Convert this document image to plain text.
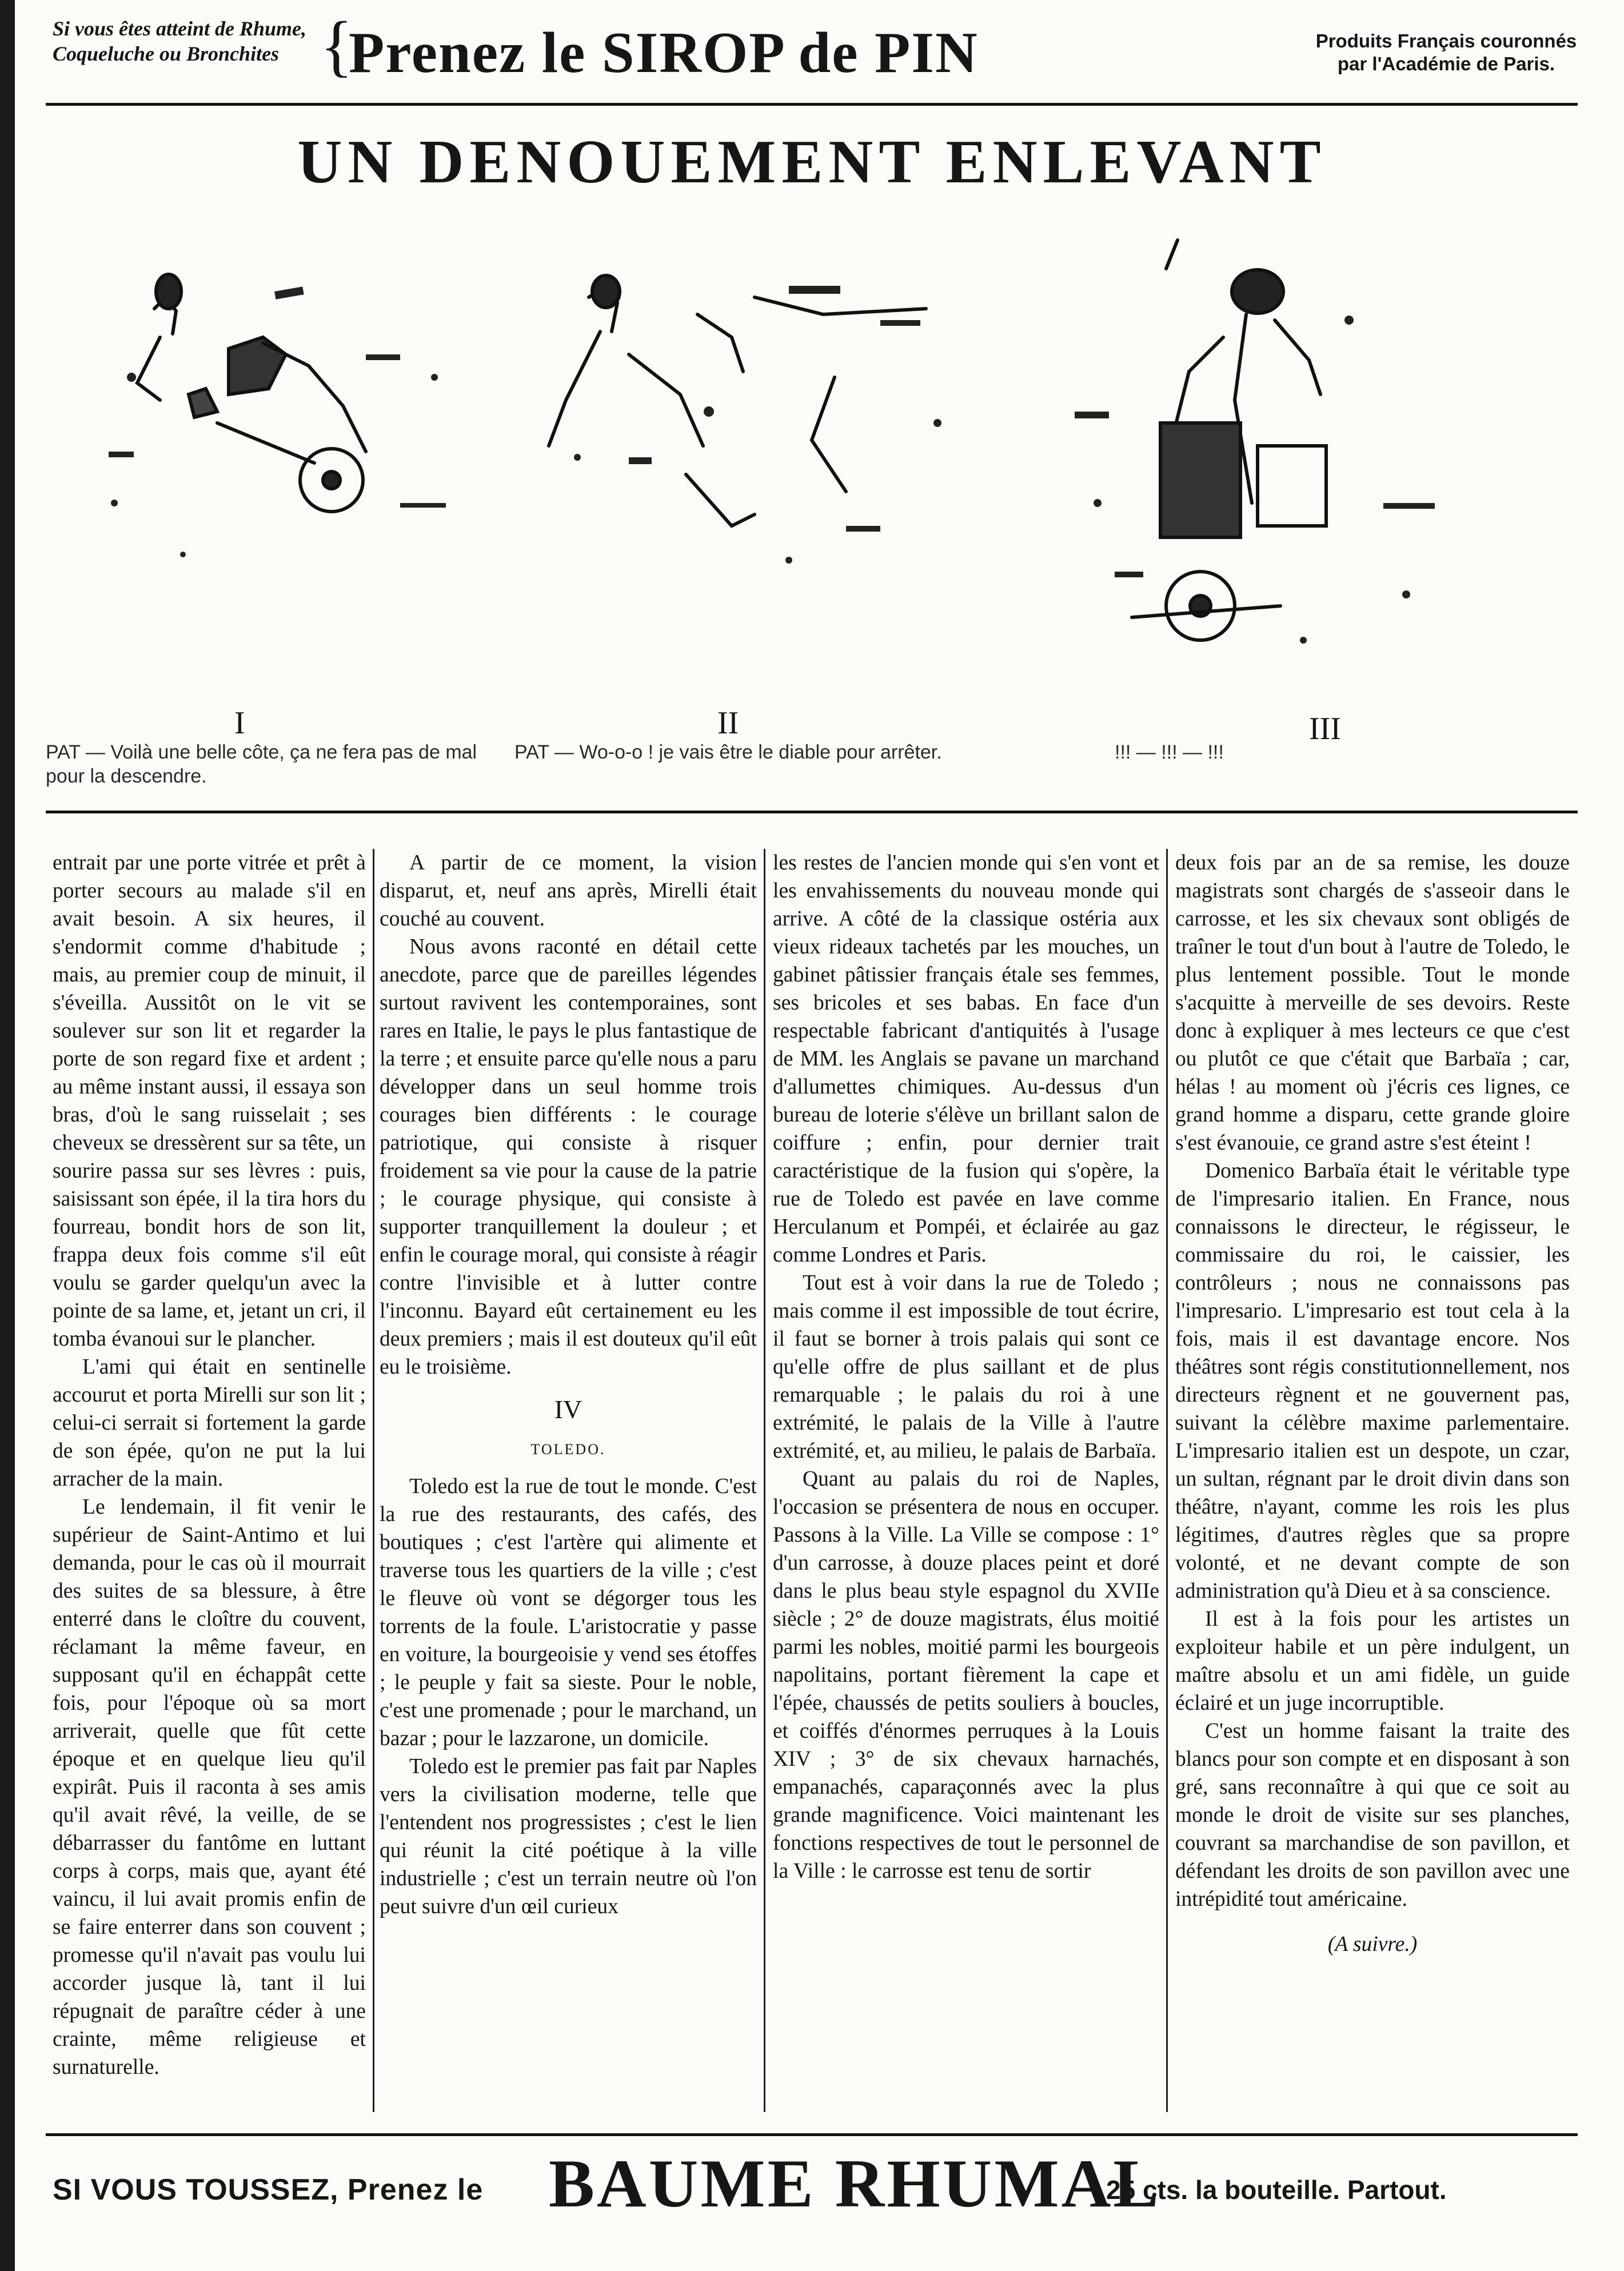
Si vous êtes atteint de Rhume,
Coqueluche ou Bronchites {
Prenez le SIROP de PIN	Produits Français couronnés par l'Académie de Paris.
UN DENOUEMENT ENLEVANT
I	II	III
PAT — Voilà une belle côte, ça ne fera pas de mal pour la descendre.
PAT — Wo-o-o ! je vais être le diable pour arrêter.	!!! — !!! — !!!

entrait par une porte vitrée et prêt à porter secours au malade s'il en avait besoin. A six heures, il s'endormit comme d'habitude ; mais, au premier coup de minuit, il s'éveilla. Aussitôt on le vit se soulever sur son lit et regarder la porte de son regard fixe et ardent ; au même instant aussi, il essaya son bras, d'où le sang ruisselait ; ses cheveux se dressèrent sur sa tête, un sourire passa sur ses lèvres : puis, saisissant son épée, il la tira hors du fourreau, bondit hors de son lit, frappa deux fois comme s'il eût voulu se garder quelqu'un avec la pointe de sa lame, et, jetant un cri, il tomba évanoui sur le plancher.

L'ami qui était en sentinelle accourut et porta Mirelli sur son lit ; celui-ci serrait si fortement la garde de son épée, qu'on ne put la lui arracher de la main.

Le lendemain, il fit venir le supérieur de Saint-Antimo et lui demanda, pour le cas où il mourrait des suites de sa blessure, à être enterré dans le cloître du couvent, réclamant la même faveur, en supposant qu'il en échappât cette fois, pour l'époque où sa mort arriverait, quelle que fût cette époque et en quelque lieu qu'il expirât. Puis il raconta à ses amis qu'il avait rêvé, la veille, de se débarrasser du fantôme en luttant corps à corps, mais que, ayant été vaincu, il lui avait promis enfin de se faire enterrer dans son couvent ; promesse qu'il n'avait pas voulu lui accorder jusque là, tant il lui répugnait de paraître céder à une crainte, même religieuse et surnaturelle.

A partir de ce moment, la vision disparut, et, neuf ans après, Mirelli était couché au couvent.

Nous avons raconté en détail cette anecdote, parce que de pareilles légendes surtout ravivent les contemporaines, sont rares en Italie, le pays le plus fantastique de la terre ; et ensuite parce qu'elle nous a paru développer dans un seul homme trois courages bien différents : le courage patriotique, qui consiste à risquer froidement sa vie pour la cause de la patrie ; le courage physique, qui consiste à supporter tranquillement la douleur ; et enfin le courage moral, qui consiste à réagir contre l'invisible et à lutter contre l'inconnu. Bayard eût certainement eu les deux premiers ; mais il est douteux qu'il eût eu le troisième.

IV

TOLEDO.

Toledo est la rue de tout le monde. C'est la rue des restaurants, des cafés, des boutiques ; c'est l'artère qui alimente et traverse tous les quartiers de la ville ; c'est le fleuve où vont se dégorger tous les torrents de la foule. L'aristocratie y passe en voiture, la bourgeoisie y vend ses étoffes ; le peuple y fait sa sieste. Pour le noble, c'est une promenade ; pour le marchand, un bazar ; pour le lazzarone, un domicile.

Toledo est le premier pas fait par Naples vers la civilisation moderne, telle que l'entendent nos progressistes ; c'est le lien qui réunit la cité poétique à la ville industrielle ; c'est un terrain neutre où l'on peut suivre d'un œil curieux

les restes de l'ancien monde qui s'en vont et les envahissements du nouveau monde qui arrive. A côté de la classique ostéria aux vieux rideaux tachetés par les mouches, un gabinet pâtissier français étale ses femmes, ses bricoles et ses babas. En face d'un respectable fabricant d'antiquités à l'usage de MM. les Anglais se pavane un marchand d'allumettes chimiques. Au-dessus d'un bureau de loterie s'élève un brillant salon de coiffure ; enfin, pour dernier trait caractéristique de la fusion qui s'opère, la rue de Toledo est pavée en lave comme Herculanum et Pompéi, et éclairée au gaz comme Londres et Paris.

Tout est à voir dans la rue de Toledo ; mais comme il est impossible de tout écrire, il faut se borner à trois palais qui sont ce qu'elle offre de plus saillant et de plus remarquable ; le palais du roi à une extrémité, le palais de la Ville à l'autre extrémité, et, au milieu, le palais de Barbaïa.

Quant au palais du roi de Naples, l'occasion se présentera de nous en occuper. Passons à la Ville. La Ville se compose : 1° d'un carrosse, à douze places peint et doré dans le plus beau style espagnol du XVIIe siècle ; 2° de douze magistrats, élus moitié parmi les nobles, moitié parmi les bourgeois napolitains, portant fièrement la cape et l'épée, chaussés de petits souliers à boucles, et coiffés d'énormes perruques à la Louis XIV ; 3° de six chevaux harnachés, empanachés, caparaçonnés avec la plus grande magnificence. Voici maintenant les fonctions respectives de tout le personnel de la Ville : le carrosse est tenu de sortir

deux fois par an de sa remise, les douze magistrats sont chargés de s'asseoir dans le carrosse, et les six chevaux sont obligés de traîner le tout d'un bout à l'autre de Toledo, le plus lentement possible. Tout le monde s'acquitte à merveille de ses devoirs. Reste donc à expliquer à mes lecteurs ce que c'est ou plutôt ce que c'était que Barbaïa ; car, hélas ! au moment où j'écris ces lignes, ce grand homme a disparu, cette grande gloire s'est évanouie, ce grand astre s'est éteint !

Domenico Barbaïa était le véritable type de l'impresario italien. En France, nous connaissons le directeur, le régisseur, le commissaire du roi, le caissier, les contrôleurs ; nous ne connaissons pas l'impresario. L'impresario est tout cela à la fois, mais il est davantage encore. Nos théâtres sont régis constitutionnellement, nos directeurs règnent et ne gouvernent pas, suivant la célèbre maxime parlementaire. L'impresario italien est un despote, un czar, un sultan, régnant par le droit divin dans son théâtre, n'ayant, comme les rois les plus légitimes, d'autres règles que sa propre volonté, et ne devant compte de son administration qu'à Dieu et à sa conscience.

Il est à la fois pour les artistes un exploiteur habile et un père indulgent, un maître absolu et un ami fidèle, un guide éclairé et un juge incorruptible.

C'est un homme faisant la traite des blancs pour son compte et en disposant à son gré, sans reconnaître à qui que ce soit au monde le droit de visite sur ses planches, couvrant sa marchandise de son pavillon, et défendant les droits de son pavillon avec une intrépidité tout américaine.

(A suivre.)

SI VOUS TOUSSEZ, Prenez le BAUME RHUMAL
25 cts. la bouteille. Partout.
